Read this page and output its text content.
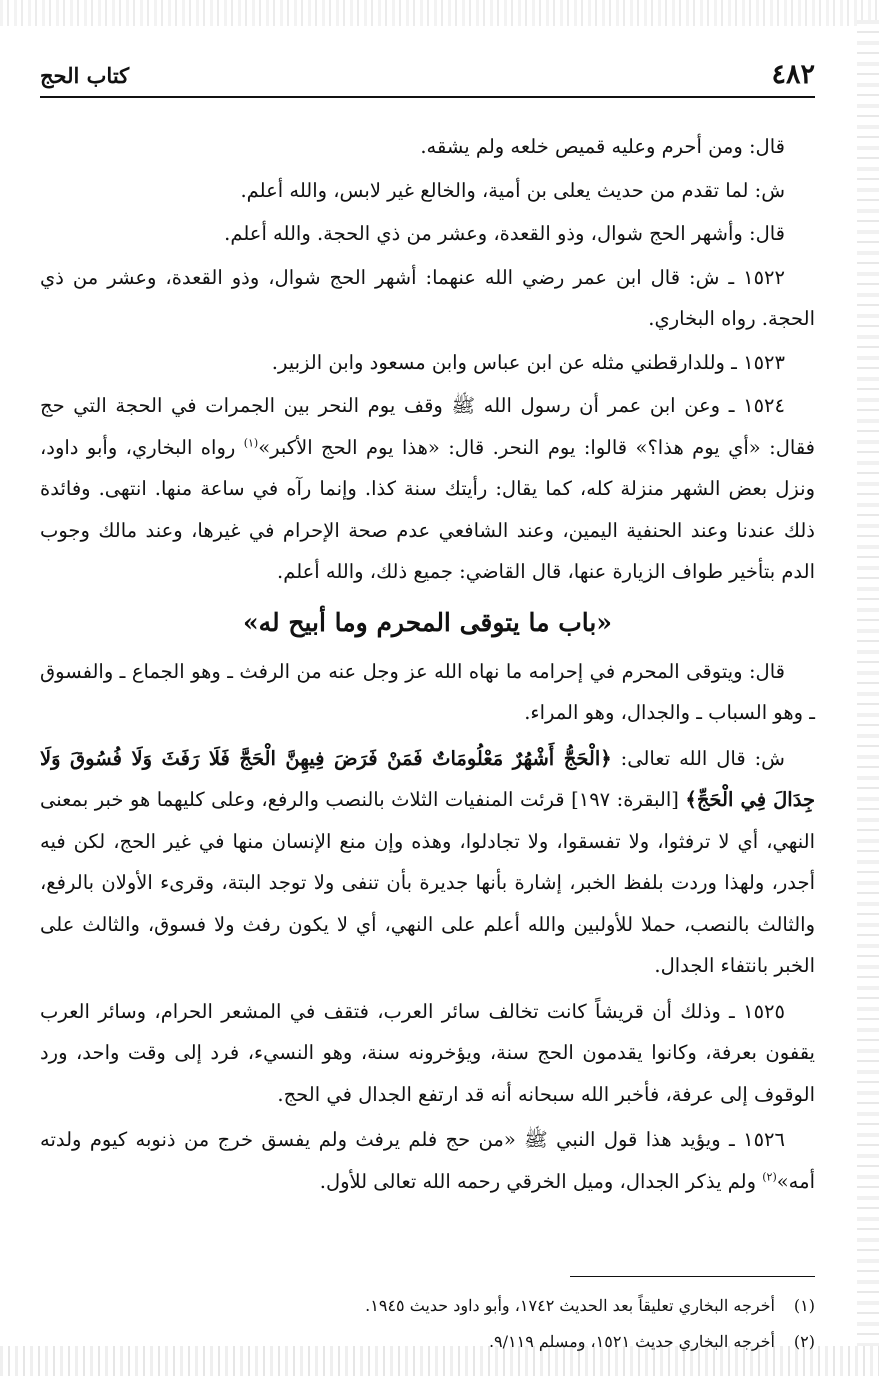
٤٨٢
كتاب الحج

قال: ومن أحرم وعليه قميص خلعه ولم يشقه.

ش: لما تقدم من حديث يعلى بن أمية، والخالع غير لابس، والله أعلم.

قال: وأشهر الحج شوال، وذو القعدة، وعشر من ذي الحجة. والله أعلم.

١٥٢٢ ـ ش: قال ابن عمر رضي الله عنهما: أشهر الحج شوال، وذو القعدة، وعشر من ذي الحجة. رواه البخاري.

١٥٢٣ ـ وللدارقطني مثله عن ابن عباس وابن مسعود وابن الزبير.

١٥٢٤ ـ وعن ابن عمر أن رسول الله ﷺ وقف يوم النحر بين الجمرات في الحجة التي حج فقال: «أي يوم هذا؟» قالوا: يوم النحر. قال: «هذا يوم الحج الأكبر»$^{(١)}$ رواه البخاري، وأبو داود، ونزل بعض الشهر منزلة كله، كما يقال: رأيتك سنة كذا. وإنما رآه في ساعة منها. انتهى. وفائدة ذلك عندنا وعند الحنفية اليمين، وعند الشافعي عدم صحة الإحرام في غيرها، وعند مالك وجوب الدم بتأخير طواف الزيارة عنها، قال القاضي: جميع ذلك، والله أعلم.

«باب ما يتوقى المحرم وما أبيح له»

قال: ويتوقى المحرم في إحرامه ما نهاه الله عز وجل عنه من الرفث ـ وهو الجماع ـ والفسوق ـ وهو السباب ـ والجدال، وهو المراء.

ش: قال الله تعالى: ﴿الْحَجُّ أَشْهُرٌ مَعْلُومَاتٌ فَمَنْ فَرَضَ فِيهِنَّ الْحَجَّ فَلَا رَفَثَ وَلَا فُسُوقَ وَلَا جِدَالَ فِي الْحَجِّ﴾ [البقرة: ١٩٧] قرئت المنفيات الثلاث بالنصب والرفع، وعلى كليهما هو خبر بمعنى النهي، أي لا ترفثوا، ولا تفسقوا، ولا تجادلوا، وهذه وإن منع الإنسان منها في غير الحج، لكن فيه أجدر، ولهذا وردت بلفظ الخبر، إشارة بأنها جديرة بأن تنفى ولا توجد البتة، وقرىء الأولان بالرفع، والثالث بالنصب، حملا للأولبين والله أعلم على النهي، أي لا يكون رفث ولا فسوق، والثالث على الخبر بانتفاء الجدال.

١٥٢٥ ـ وذلك أن قريشاً كانت تخالف سائر العرب، فتقف في المشعر الحرام، وسائر العرب يقفون بعرفة، وكانوا يقدمون الحج سنة، ويؤخرونه سنة، وهو النسيء، فرد إلى وقت واحد، ورد الوقوف إلى عرفة، فأخبر الله سبحانه أنه قد ارتفع الجدال في الحج.

١٥٢٦ ـ ويؤيد هذا قول النبي ﷺ «من حج فلم يرفث ولم يفسق خرج من ذنوبه كيوم ولدته أمه»$^{(٢)}$ ولم يذكر الجدال، وميل الخرقي رحمه الله تعالى للأول.

(١)
أخرجه البخاري تعليقاً بعد الحديث ١٧٤٢، وأبو داود حديث ١٩٤٥.
(٢)
أخرجه البخاري حديث ١٥٢١، ومسلم ٩/١١٩.
